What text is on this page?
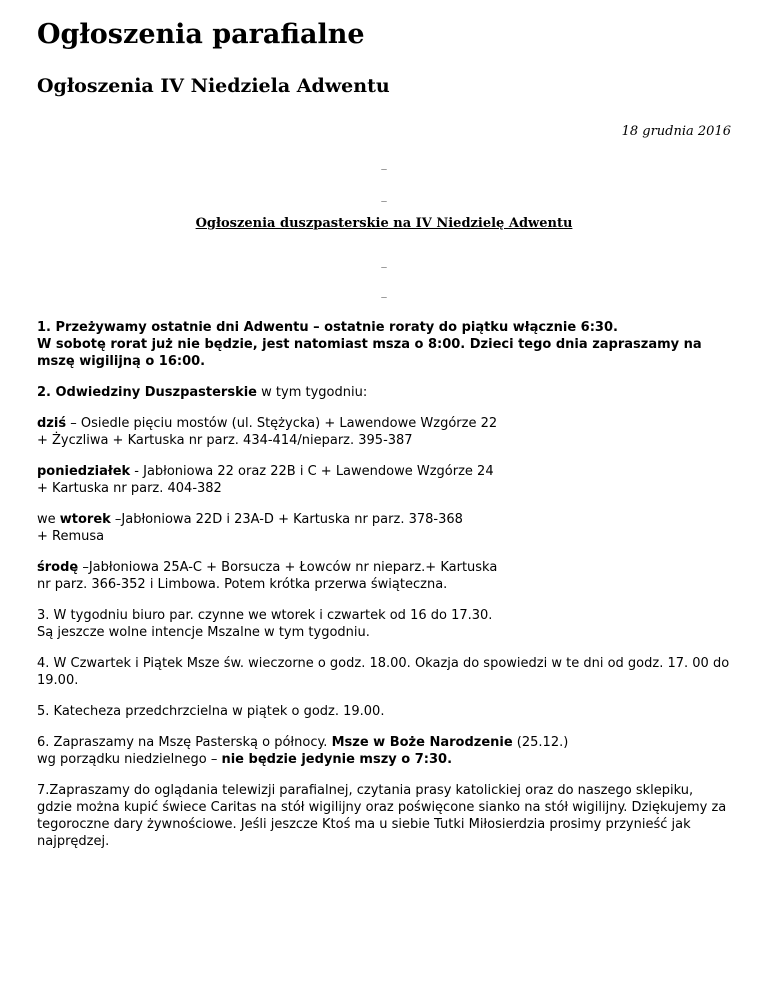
Ogłoszenia parafialne
Ogłoszenia IV Niedziela Adwentu
18 grudnia 2016
_
_
Ogłoszenia duszpasterskie na IV Niedzielę Adwentu
_
_

1. Przeżywamy ostatnie dni Adwentu – ostatnie roraty do piątku włącznie 6:30.
W sobotę rorat już nie będzie, jest natomiast msza o 8:00. Dzieci tego dnia zapraszamy na mszę wigilijną o 16:00.

2. Odwiedziny Duszpasterskie w tym tygodniu:

dziś – Osiedle pięciu mostów (ul. Stężycka) + Lawendowe Wzgórze 22
+ Życzliwa + Kartuska nr parz. 434-414/nieparz. 395-387

poniedziałek - Jabłoniowa 22 oraz 22B i C + Lawendowe Wzgórze 24
+ Kartuska nr parz. 404-382

we wtorek –Jabłoniowa 22D i 23A-D + Kartuska nr parz. 378-368
+ Remusa

środę –Jabłoniowa 25A-C + Borsucza + Łowców nr nieparz.+ Kartuska
nr parz. 366-352 i Limbowa. Potem krótka przerwa świąteczna.

3. W tygodniu biuro par. czynne we wtorek i czwartek od 16 do 17.30.
Są jeszcze wolne intencje Mszalne w tym tygodniu.

4. W Czwartek i Piątek Msze św. wieczorne o godz. 18.00. Okazja do spowiedzi w te dni od godz. 17. 00 do 19.00.

5. Katecheza przedchrzcielna w piątek o godz. 19.00.

6. Zapraszamy na Mszę Pasterską o północy. Msze w Boże Narodzenie (25.12.)
wg porządku niedzielnego – nie będzie jedynie mszy o 7:30.

7.Zapraszamy do oglądania telewizji parafialnej, czytania prasy katolickiej oraz do naszego sklepiku, gdzie można kupić świece Caritas na stół wigilijny oraz poświęcone sianko na stół wigilijny. Dziękujemy za tegoroczne dary żywnościowe. Jeśli jeszcze Ktoś ma u siebie Tutki Miłosierdzia prosimy przynieść jak najprędzej.
